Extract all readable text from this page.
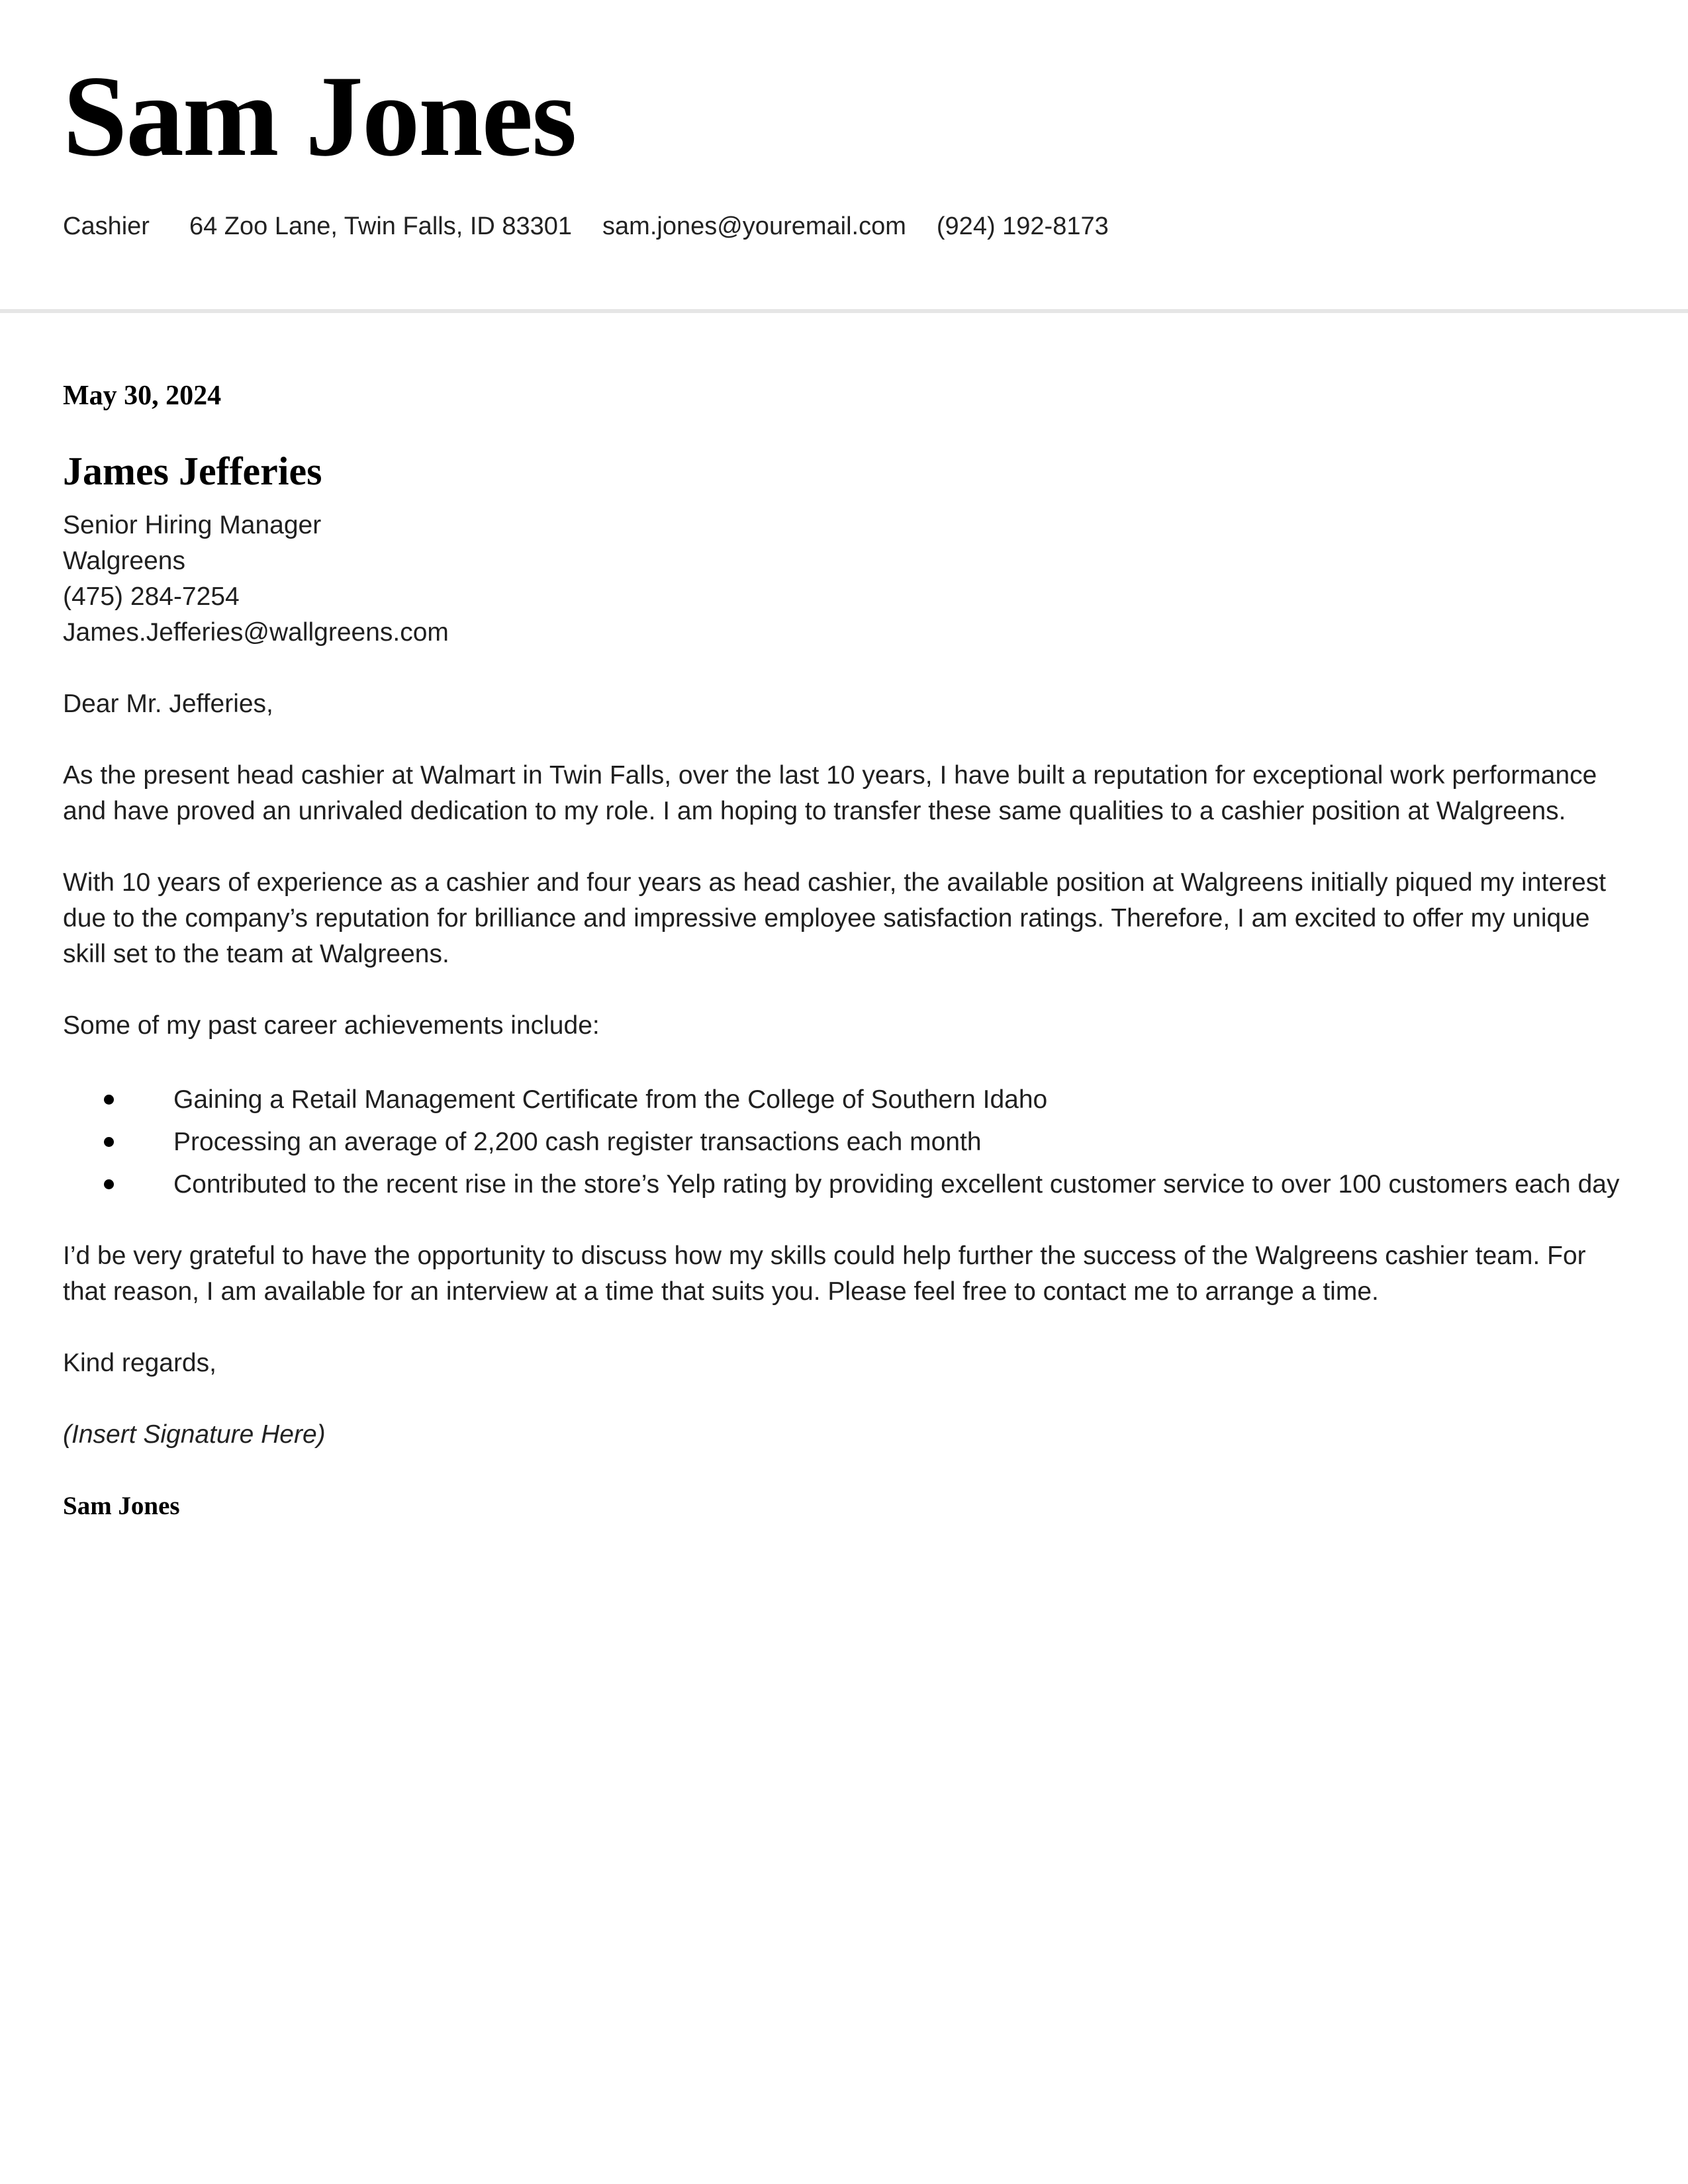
Sam Jones
Cashier 64 Zoo Lane, Twin Falls, ID 83301 sam.jones@youremail.com (924) 192-8173

May 30, 2024

James Jefferies
Senior Hiring Manager
Walgreens
(475) 284-7254
James.Jefferies@wallgreens.com

Dear Mr. Jefferies,

As the present head cashier at Walmart in Twin Falls, over the last 10 years, I have built a reputation for exceptional work performance and have proved an unrivaled dedication to my role. I am hoping to transfer these same qualities to a cashier position at Walgreens.

With 10 years of experience as a cashier and four years as head cashier, the available position at Walgreens initially piqued my interest due to the company’s reputation for brilliance and impressive employee satisfaction ratings. Therefore, I am excited to offer my unique skill set to the team at Walgreens.

Some of my past career achievements include:

Gaining a Retail Management Certificate from the College of Southern Idaho
Processing an average of 2,200 cash register transactions each month
Contributed to the recent rise in the store’s Yelp rating by providing excellent customer service to over 100 customers each day

I’d be very grateful to have the opportunity to discuss how my skills could help further the success of the Walgreens cashier team. For that reason, I am available for an interview at a time that suits you. Please feel free to contact me to arrange a time.

Kind regards,

(Insert Signature Here)

Sam Jones
